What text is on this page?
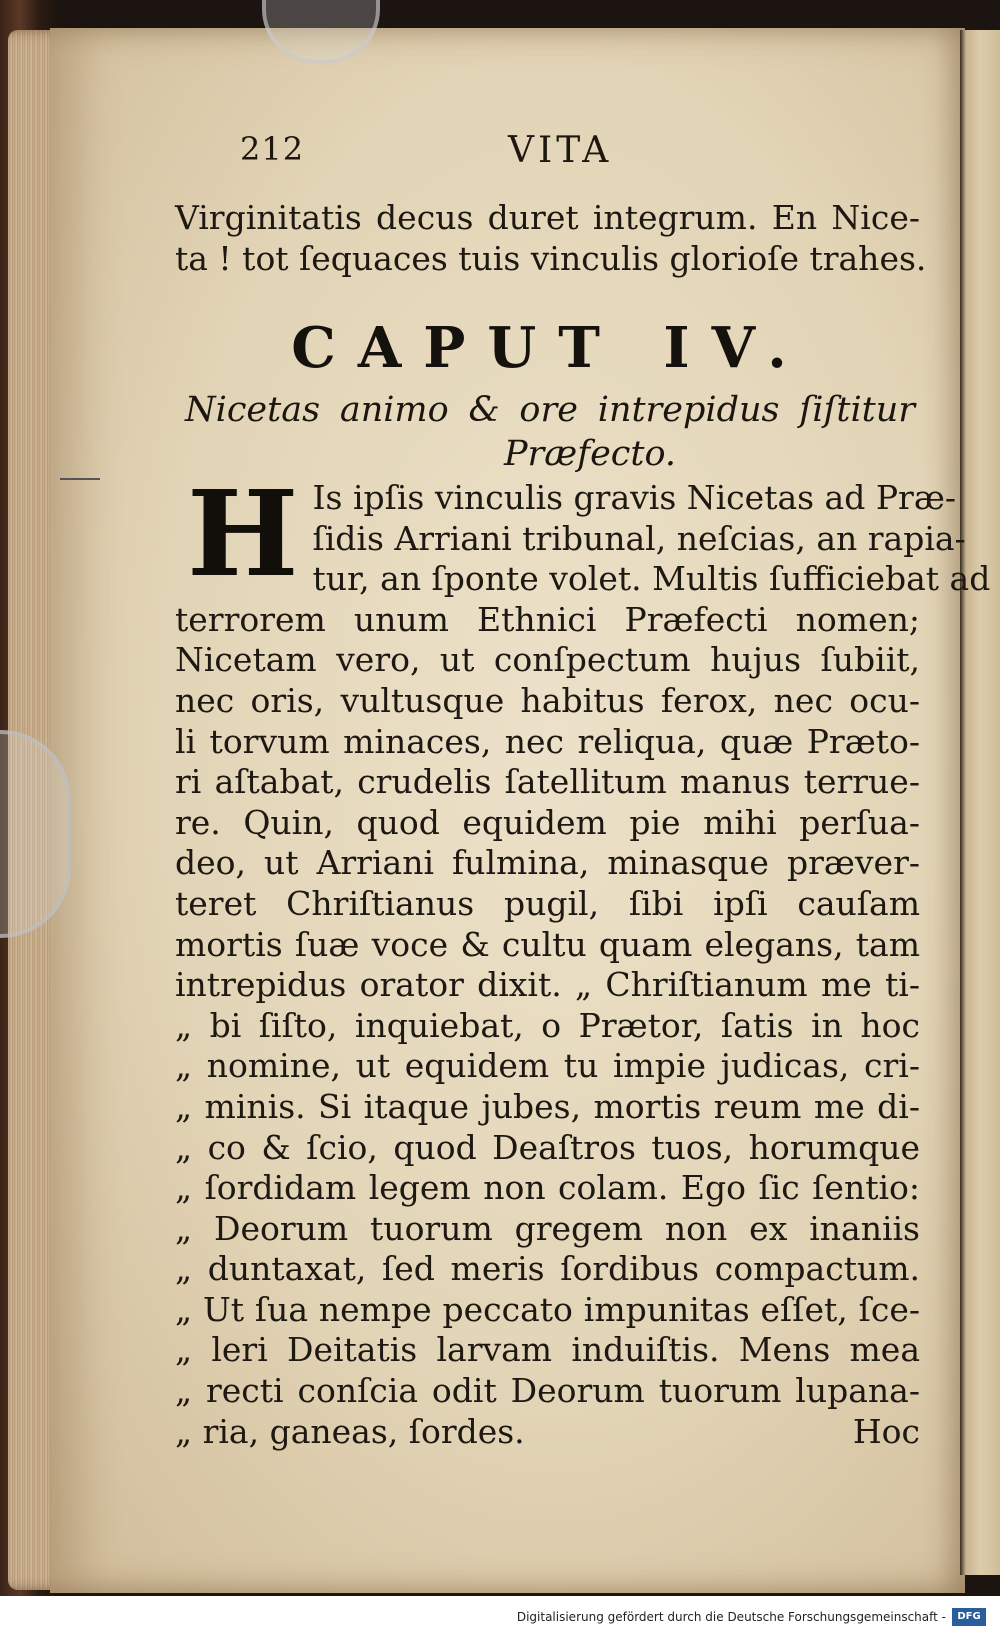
212	VITA
Virginitatis decus duret integrum. En Nice-
ta ! tot ſequaces tuis vinculis glorioſe trahes.
CAPUT IV.
Nicetas animo & ore intrepidus ſiſtitur
Præfecto.
H Is ipſis vinculis gravis Nicetas ad Præ-
ſidis Arriani tribunal, neſcias, an rapia-
tur, an ſponte volet. Multis ſufficiebat ad
terrorem unum Ethnici Præfecti nomen;
Nicetam vero, ut conſpectum hujus ſubiit,
nec oris, vultusque habitus ferox, nec ocu-
li torvum minaces, nec reliqua, quæ Præto-
ri aſtabat, crudelis ſatellitum manus terrue-
re. Quin, quod equidem pie mihi perſua-
deo, ut Arriani fulmina, minasque præver-
teret Chriſtianus pugil, ſibi ipſi cauſam
mortis ſuæ voce & cultu quam elegans, tam
intrepidus orator dixit. „ Chriſtianum me ti-
„ bi ſiſto, inquiebat, o Prætor, ſatis in hoc
„ nomine, ut equidem tu impie judicas, cri-
„ minis. Si itaque jubes, mortis reum me di-
„ co & ſcio, quod Deaſtros tuos, horumque
„ ſordidam legem non colam. Ego ſic ſentio:
„ Deorum tuorum gregem non ex inaniis
„ duntaxat, ſed meris ſordibus compactum.
„ Ut ſua nempe peccato impunitas eſſet, ſce-
„ leri Deitatis larvam induiſtis. Mens mea
„ recti conſcia odit Deorum tuorum lupana-
„ ria, ganeas, ſordes.	Hoc
Digitalisierung gefördert durch die Deutsche Forschungsgemeinschaft -	DFG
